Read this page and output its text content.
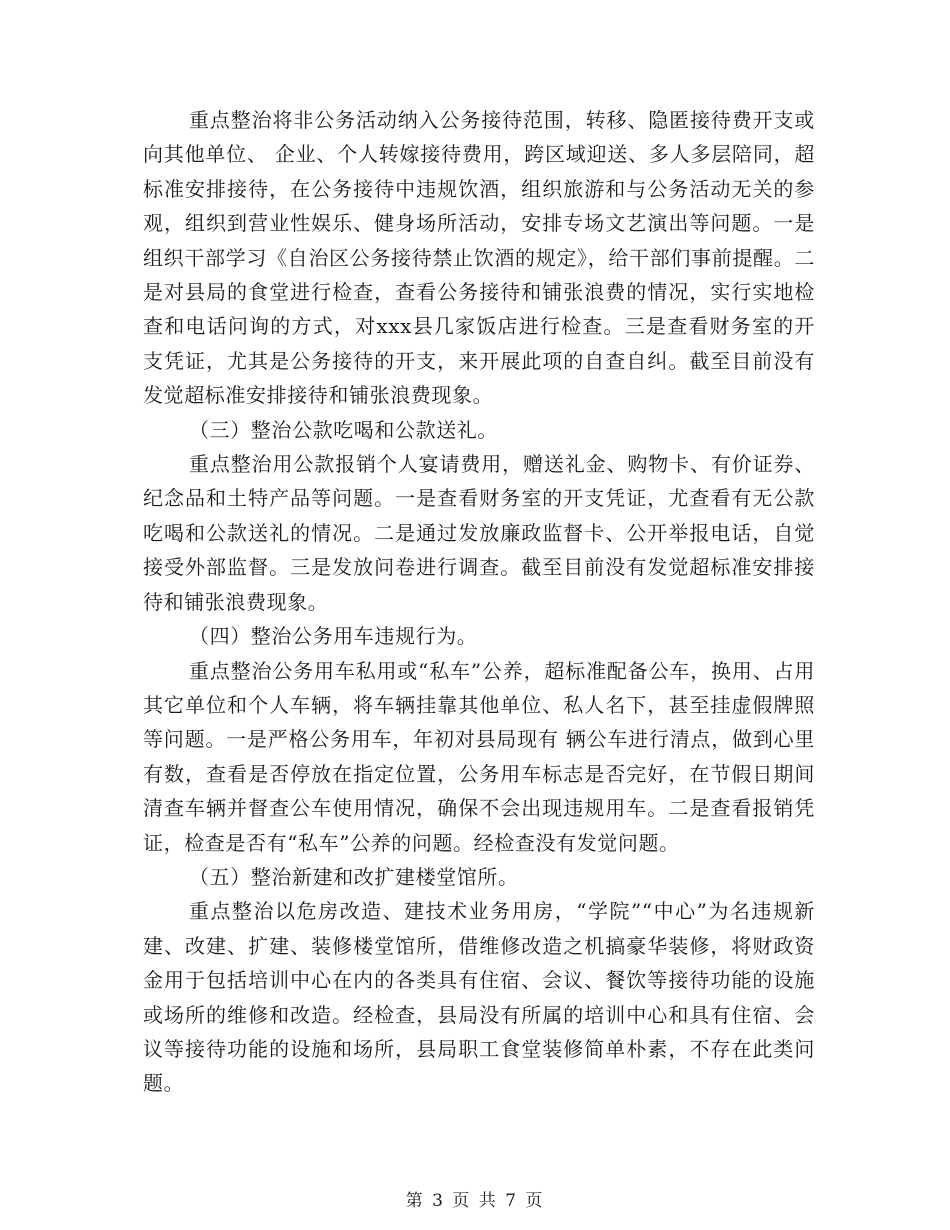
重点整治将非公务活动纳入公务接待范围，转移、隐匿接待费开支或向其他单位、 企业、个人转嫁接待费用，跨区域迎送、多人多层陪同，超标准安排接待，在公务接待中违规饮酒，组织旅游和与公务活动无关的参观，组织到营业性娱乐、健身场所活动，安排专场文艺演出等问题。一是组织干部学习《自治区公务接待禁止饮酒的规定》，给干部们事前提醒。二是对县局的食堂进行检查，查看公务接待和铺张浪费的情况，实行实地检查和电话问询的方式，对xxx县几家饭店进行检查。三是查看财务室的开支凭证，尤其是公务接待的开支，来开展此项的自查自纠。截至目前没有发觉超标准安排接待和铺张浪费现象。

（三）整治公款吃喝和公款送礼。

重点整治用公款报销个人宴请费用，赠送礼金、购物卡、有价证券、纪念品和土特产品等问题。一是查看财务室的开支凭证，尤查看有无公款吃喝和公款送礼的情况。二是通过发放廉政监督卡、公开举报电话，自觉接受外部监督。三是发放问卷进行调查。截至目前没有发觉超标准安排接待和铺张浪费现象。

（四）整治公务用车违规行为。

重点整治公务用车私用或“私车”公养，超标准配备公车，换用、占用其它单位和个人车辆，将车辆挂靠其他单位、私人名下，甚至挂虚假牌照等问题。一是严格公务用车，年初对县局现有 辆公车进行清点，做到心里有数，查看是否停放在指定位置，公务用车标志是否完好，在节假日期间清查车辆并督查公车使用情况，确保不会出现违规用车。二是查看报销凭证，检查是否有“私车”公养的问题。经检查没有发觉问题。

（五）整治新建和改扩建楼堂馆所。

重点整治以危房改造、建技术业务用房，“学院”“中心”为名违规新建、改建、扩建、装修楼堂馆所，借维修改造之机搞豪华装修，将财政资金用于包括培训中心在内的各类具有住宿、会议、餐饮等接待功能的设施或场所的维修和改造。经检查，县局没有所属的培训中心和具有住宿、会议等接待功能的设施和场所，县局职工食堂装修简单朴素，不存在此类问题。

第 3 页 共 7 页
